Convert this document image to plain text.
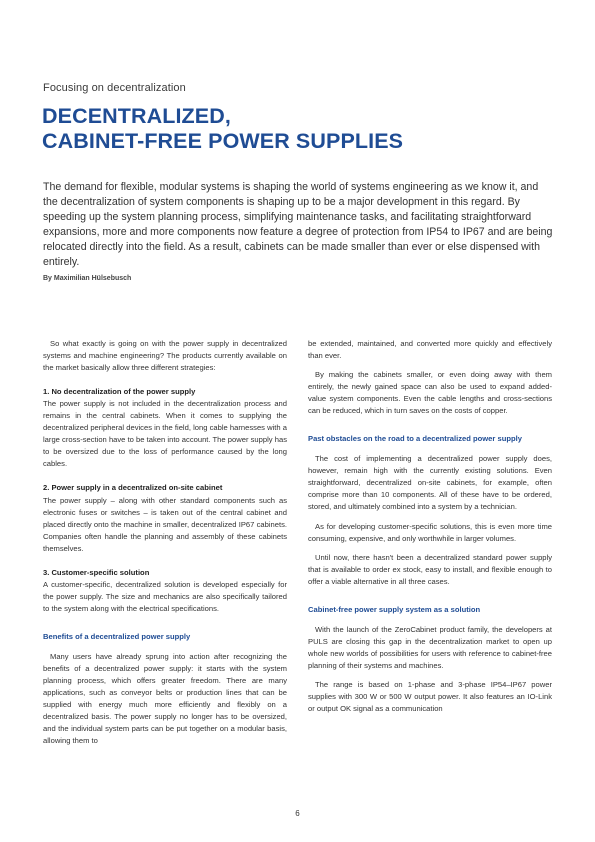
Focusing on decentralization
DECENTRALIZED,
CABINET-FREE POWER SUPPLIES

The demand for flexible, modular systems is shaping the world of systems engineering as we know it, and the decentralization of system components is shaping up to be a major development in this regard. By speeding up the system planning process, simplifying maintenance tasks, and facilitating straightforward expansions, more and more components now feature a degree of protection from IP54 to IP67 and are being relocated directly into the field. As a result, cabinets can be made smaller than ever or else dispensed with entirely.

By Maximilian Hülsebusch

So what exactly is going on with the power supply in decentralized systems and machine engineering? The products currently available on the market basically allow three different strategies:

1. No decentralization of the power supply

The power supply is not included in the decentralization process and remains in the central cabinets. When it comes to supplying the decentralized peripheral devices in the field, long cable harnesses with a large cross-section have to be taken into account. The power supply has to be oversized due to the loss of performance caused by the long cables.

2. Power supply in a decentralized on-site cabinet

The power supply – along with other standard components such as electronic fuses or switches – is taken out of the central cabinet and placed directly onto the machine in smaller, decentralized IP67 cabinets. Companies often handle the planning and assembly of these cabinets themselves.

3. Customer-specific solution

A customer-specific, decentralized solution is developed especially for the power supply. The size and mechanics are also specifically tailored to the system along with the electrical specifications.

Benefits of a decentralized power supply

Many users have already sprung into action after recognizing the benefits of a decentralized power supply: it starts with the system planning process, which offers greater freedom. There are many applications, such as conveyor belts or production lines that can be supplied with energy much more efficiently and flexibly on a decentralized basis. The power supply no longer has to be oversized, and the individual system parts can be put together on a modular basis, allowing them to

be extended, maintained, and converted more quickly and effectively than ever.

By making the cabinets smaller, or even doing away with them entirely, the newly gained space can also be used to expand added-value system components. Even the cable lengths and cross-sections can be reduced, which in turn saves on the costs of copper.

Past obstacles on the road to a decentralized power supply

The cost of implementing a decentralized power supply does, however, remain high with the currently existing solutions. Even straightforward, decentralized on-site cabinets, for example, often comprise more than 10 components. All of these have to be ordered, stored, and ultimately combined into a system by a technician.

As for developing customer-specific solutions, this is even more time consuming, expensive, and only worthwhile in larger volumes.

Until now, there hasn't been a decentralized standard power supply that is available to order ex stock, easy to install, and flexible enough to offer a viable alternative in all three cases.

Cabinet-free power supply system as a solution

With the launch of the ZeroCabinet product family, the developers at PULS are closing this gap in the decentralization market to open up whole new worlds of possibilities for users with reference to cabinet-free planning of their systems and machines.

The range is based on 1-phase and 3-phase IP54–IP67 power supplies with 300 W or 500 W output power. It also features an IO-Link or output OK signal as a communication

6
